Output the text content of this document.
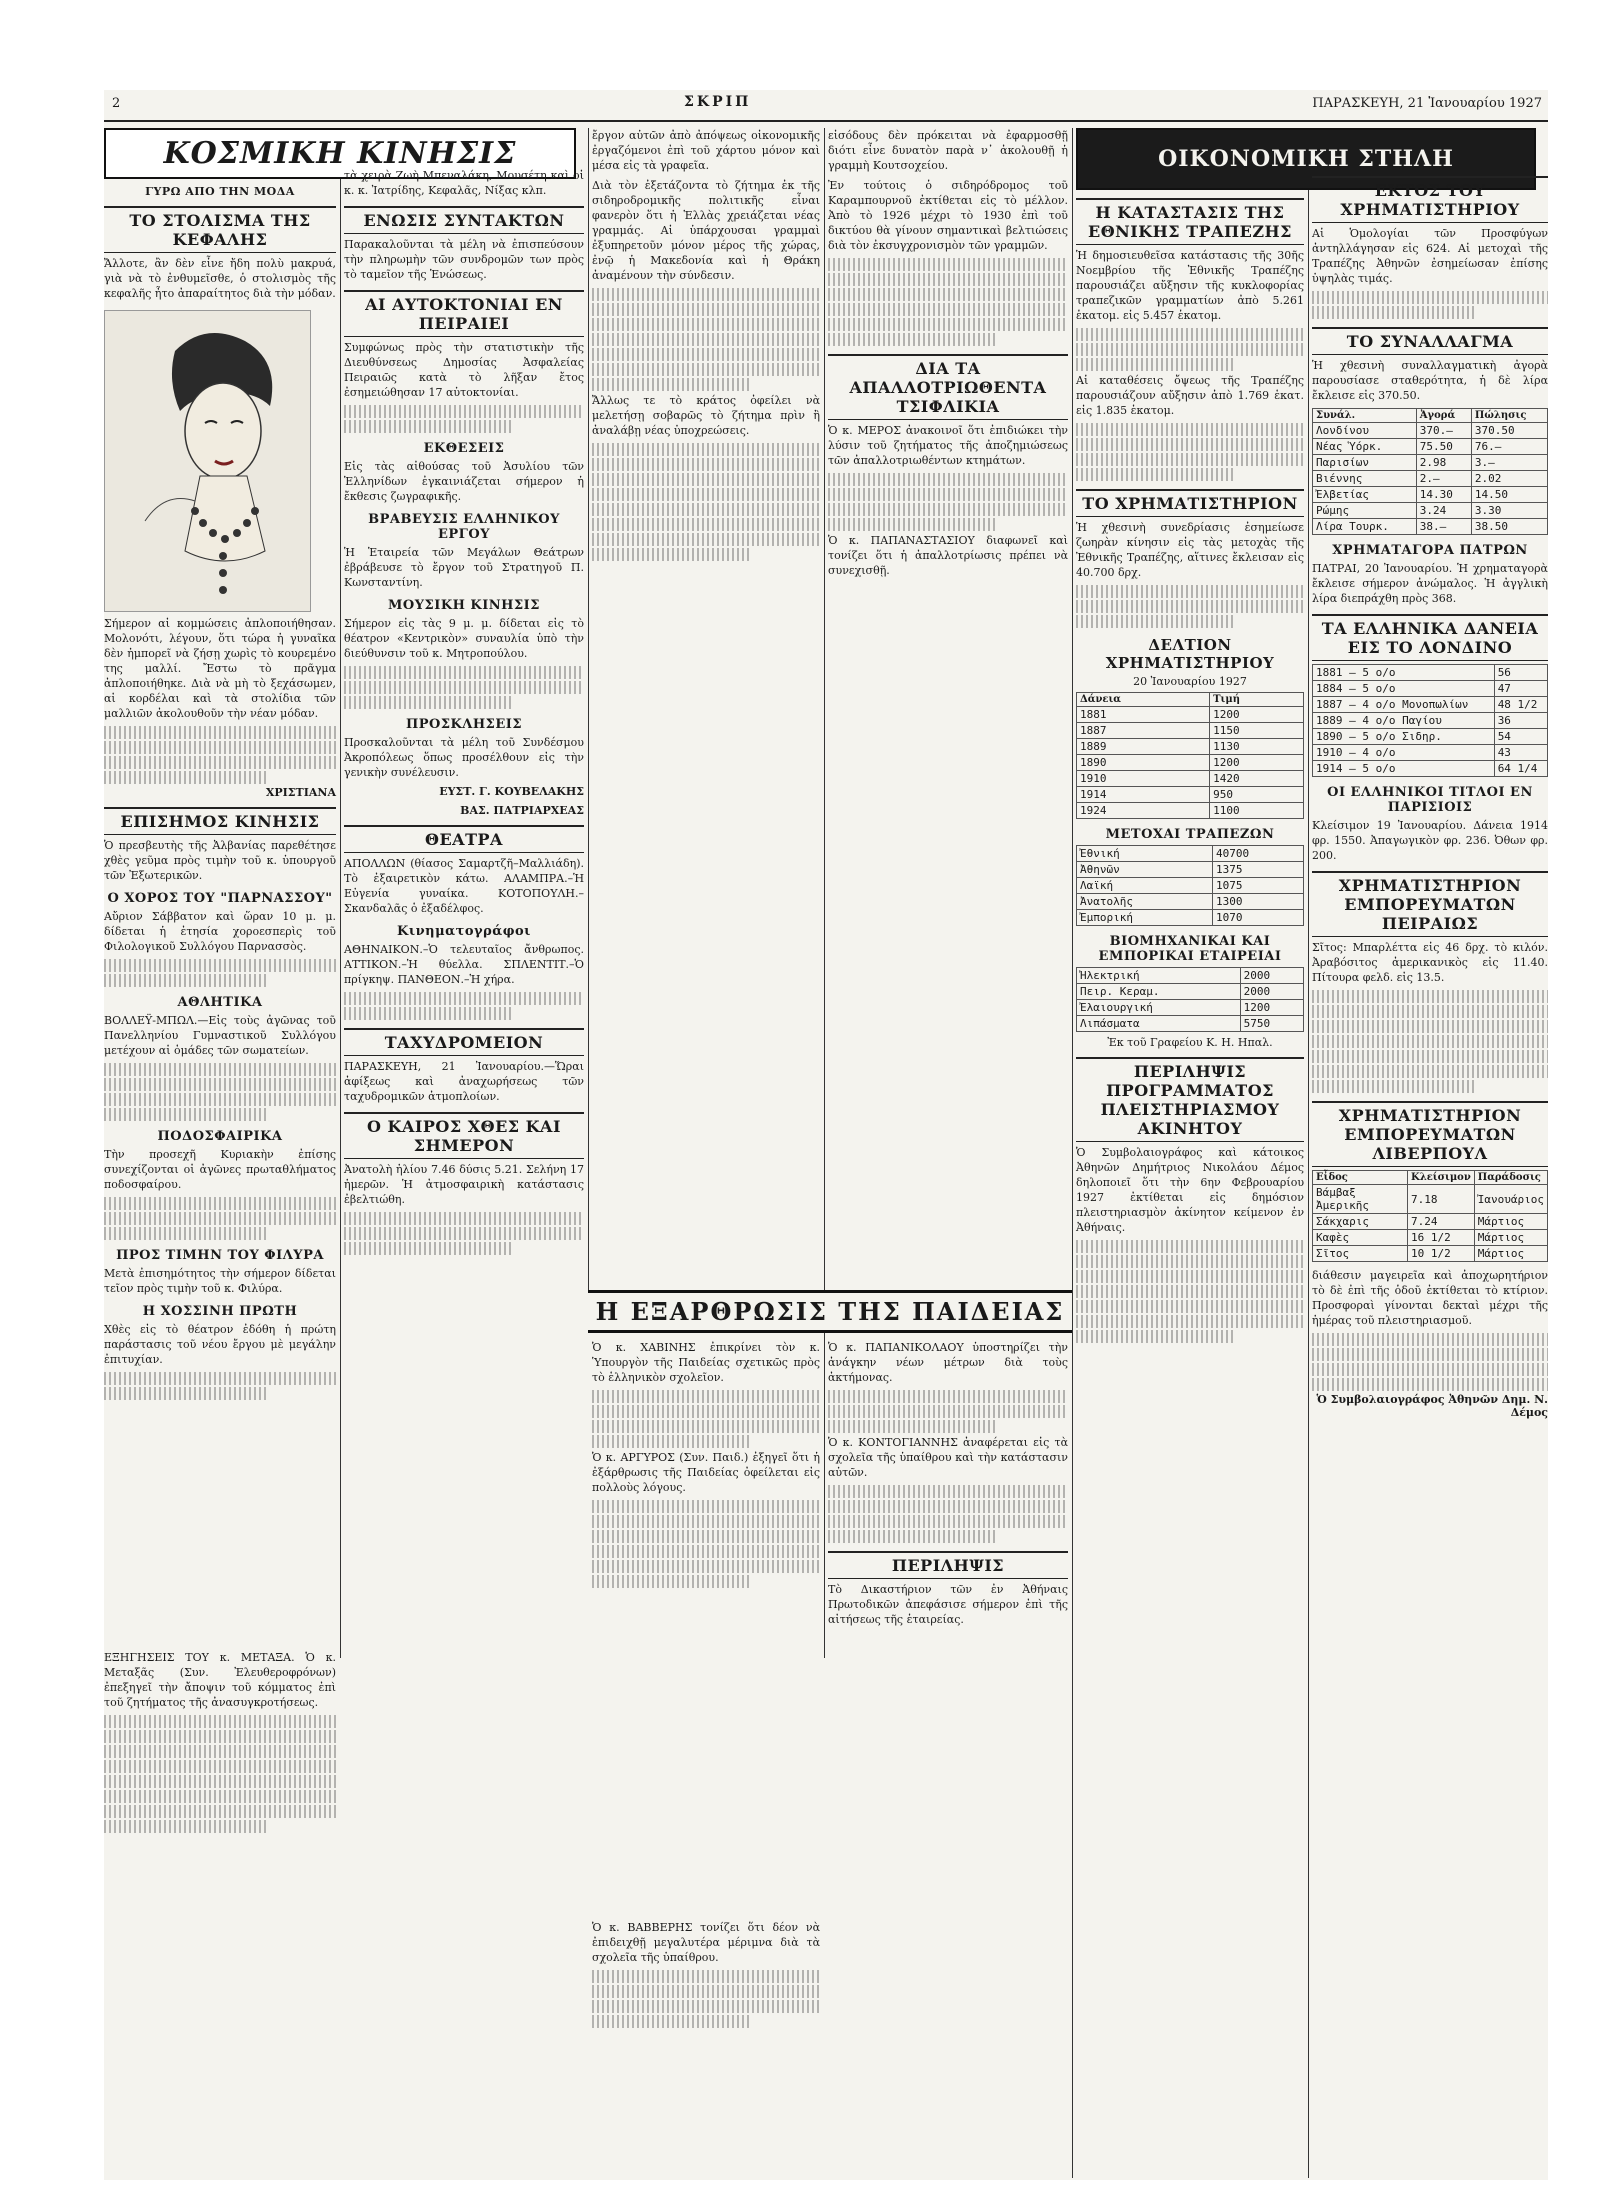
2	ΣΚΡΙΠ	ΠΑΡΑΣΚΕΥΗ, 21 Ἰανουαρίου 1927
ΚΟΣΜΙΚΗ ΚΙΝΗΣΙΣ
ΓΥΡΩ ΑΠΟ ΤΗΝ ΜΟΔΑ
ΤΟ ΣΤΟΛΙΣΜΑ ΤΗΣ ΚΕΦΑΛΗΣ

Ἄλλοτε, ἂν δὲν εἶνε ἤδη πολὺ μακρυά, γιὰ νὰ τὸ ἐνθυμεῖσθε, ὁ στολισμὸς τῆς κεφαλῆς ἦτο ἀπαραίτητος διὰ τὴν μόδαν.

Σήμερον αἱ κομμώσεις ἀπλοποιήθησαν. Μολονότι, λέγουν, ὅτι τώρα ἡ γυναῖκα δὲν ἠμπορεῖ νὰ ζήσῃ χωρὶς τὸ κουρεμένο της μαλλί. Ἔστω τὸ πρᾶγμα ἀπλοποιήθηκε. Διὰ νὰ μὴ τὸ ξεχάσωμεν, αἱ κορδέλαι καὶ τὰ στολίδια τῶν μαλλιῶν ἀκολουθοῦν τὴν νέαν μόδαν.

ΧΡΙΣΤΙΑΝΑ
ΕΠΙΣΗΜΟΣ ΚΙΝΗΣΙΣ

Ὁ πρεσβευτὴς τῆς Ἀλβανίας παρεθέτησε χθὲς γεῦμα πρὸς τιμὴν τοῦ κ. ὑπουργοῦ τῶν Ἐξωτερικῶν.

Ο ΧΟΡΟΣ ΤΟΥ "ΠΑΡΝΑΣΣΟΥ"

Αὔριον Σάββατον καὶ ὥραν 10 μ. μ. δίδεται ἡ ἐτησία χοροεσπερὶς τοῦ Φιλολογικοῦ Συλλόγου Παρνασσὸς.

ΑΘΛΗΤΙΚΑ

ΒΟΛΛΕΫ-ΜΠΩΛ.—Εἰς τοὺς ἀγῶνας τοῦ Πανελληνίου Γυμναστικοῦ Συλλόγου μετέχουν αἱ ὁμάδες τῶν σωματείων.

ΠΟΔΟΣΦΑΙΡΙΚΑ

Τὴν προσεχῆ Κυριακὴν ἐπίσης συνεχίζονται οἱ ἀγῶνες πρωταθλήματος ποδοσφαίρου.

ΠΡΟΣ ΤΙΜΗΝ ΤΟΥ ΦΙΛΥΡΑ

Μετὰ ἐπισημότητος τὴν σήμερον δίδεται τεῖον πρὸς τιμὴν τοῦ κ. Φιλύρα.

Η ΧΟΣΣΙΝΗ ΠΡΩΤΗ

Χθὲς εἰς τὸ θέατρον ἐδόθη ἡ πρώτη παράστασις τοῦ νέου ἔργου μὲ μεγάλην ἐπιτυχίαν.

τὰ χειρὰ Ζωὴ Μπεναλάκη, Μουσέτη καὶ οἱ κ. κ. Ἰατρίδης, Κεφαλᾶς, Νίξας κλπ.

ΕΝΩΣΙΣ ΣΥΝΤΑΚΤΩΝ

Παρακαλοῦνται τὰ μέλη νὰ ἐπισπεύσουν τὴν πληρωμὴν τῶν συνδρομῶν των πρὸς τὸ ταμεῖον τῆς Ἑνώσεως.

ΑΙ ΑΥΤΟΚΤΟΝΙΑΙ ΕΝ ΠΕΙΡΑΙΕΙ

Συμφώνως πρὸς τὴν στατιστικὴν τῆς Διευθύνσεως Δημοσίας Ἀσφαλείας Πειραιῶς κατὰ τὸ λῆξαν ἔτος ἐσημειώθησαν 17 αὐτοκτονίαι.

ΕΚΘΕΣΕΙΣ

Εἰς τὰς αἰθούσας τοῦ Ἀσυλίου τῶν Ἑλληνίδων ἐγκαινιάζεται σήμερον ἡ ἔκθεσις ζωγραφικῆς.

ΒΡΑΒΕΥΣΙΣ ΕΛΛΗΝΙΚΟΥ ΕΡΓΟΥ

Ἡ Ἑταιρεία τῶν Μεγάλων Θεάτρων ἐβράβευσε τὸ ἔργον τοῦ Στρατηγοῦ Π. Κωνσταντίνη.

ΜΟΥΣΙΚΗ ΚΙΝΗΣΙΣ

Σήμερον εἰς τὰς 9 μ. μ. δίδεται εἰς τὸ θέατρον «Κεντρικὸν» συναυλία ὑπὸ τὴν διεύθυνσιν τοῦ κ. Μητροπούλου.

ΠΡΟΣΚΛΗΣΕΙΣ

Προσκαλοῦνται τὰ μέλη τοῦ Συνδέσμου Ἀκροπόλεως ὅπως προσέλθουν εἰς τὴν γενικὴν συνέλευσιν.

ΕΥΣΤ. Γ. ΚΟΥΒΕΛΑΚΗΣ
ΒΑΣ. ΠΑΤΡΙΑΡΧΕΑΣ
ΘΕΑΤΡΑ

ΑΠΟΛΛΩΝ (θίασος Σαμαρτζῆ–Μαλλιάδη). Τὸ ἐξαιρετικὸν κάτω. ΑΛΑΜΠΡΑ.–Ἡ Εὐγενία γυναίκα. ΚΟΤΟΠΟΥΛΗ.–Σκανδαλᾶς ὁ ἐξαδέλφος.

Κινηματογράφοι

ΑΘΗΝΑΙΚΟΝ.–Ὁ τελευταῖος ἄνθρωπος. ΑΤΤΙΚΟΝ.–Ἡ θύελλα. ΣΠΛΕΝΤΙΤ.–Ὁ πρίγκηψ. ΠΑΝΘΕΟΝ.–Ἡ χήρα.

ΤΑΧΥΔΡΟΜΕΙΟΝ

ΠΑΡΑΣΚΕΥΗ, 21 Ἰανουαρίου.—Ὥραι ἀφίξεως καὶ ἀναχωρήσεως τῶν ταχυδρομικῶν ἀτμοπλοίων.

Ο ΚΑΙΡΟΣ ΧΘΕΣ ΚΑΙ ΣΗΜΕΡΟΝ

Ἀνατολὴ ἡλίου 7.46 δύσις 5.21. Σελήνη 17 ἡμερῶν. Ἡ ἀτμοσφαιρικὴ κατάστασις ἐβελτιώθη.

ἔργον αὐτῶν ἀπὸ ἀπόψεως οἰκονομικῆς ἐργαζόμενοι ἐπὶ τοῦ χάρτου μόνον καὶ μέσα εἰς τὰ γραφεῖα.

Διὰ τὸν ἐξετάζοντα τὸ ζήτημα ἐκ τῆς σιδηροδρομικῆς πολιτικῆς εἶναι φανερὸν ὅτι ἡ Ἑλλὰς χρειάζεται νέας γραμμάς. Αἱ ὑπάρχουσαι γραμμαὶ ἐξυπηρετοῦν μόνον μέρος τῆς χώρας, ἐνῷ ἡ Μακεδονία καὶ ἡ Θράκη ἀναμένουν τὴν σύνδεσιν.

Ἄλλως τε τὸ κράτος ὀφείλει νὰ μελετήσῃ σοβαρῶς τὸ ζήτημα πρὶν ἢ ἀναλάβῃ νέας ὑποχρεώσεις.

εἰσόδους δὲν πρόκειται νὰ ἐφαρμοσθῇ διότι εἶνε δυνατὸν παρὰ ν᾽ ἀκολουθῇ ἡ γραμμὴ Κουτσοχείου.

Ἐν τούτοις ὁ σιδηρόδρομος τοῦ Καραμπουρνοῦ ἐκτίθεται εἰς τὸ μέλλον. Ἀπὸ τὸ 1926 μέχρι τὸ 1930 ἐπὶ τοῦ δικτύου θὰ γίνουν σημαντικαὶ βελτιώσεις διὰ τὸν ἐκσυγχρονισμὸν τῶν γραμμῶν.

ΔΙΑ ΤΑ ΑΠΑΛΛΟΤΡΙΩΘΕΝΤΑ ΤΣΙΦΛΙΚΙΑ

Ὁ κ. ΜΕΡΟΣ ἀνακοινοῖ ὅτι ἐπιδιώκει τὴν λύσιν τοῦ ζητήματος τῆς ἀποζημιώσεως τῶν ἀπαλλοτριωθέντων κτημάτων.

Ὁ κ. ΠΑΠΑΝΑΣΤΑΣΙΟΥ διαφωνεῖ καὶ τονίζει ὅτι ἡ ἀπαλλοτρίωσις πρέπει νὰ συνεχισθῇ.

Η ΕΞΑΡΘΡΩΣΙΣ ΤΗΣ ΠΑΙΔΕΙΑΣ

Ὁ κ. ΧΑΒΙΝΗΣ ἐπικρίνει τὸν κ. Ὑπουργὸν τῆς Παιδείας σχετικῶς πρὸς τὸ ἑλληνικὸν σχολεῖον.

Ὁ κ. ΑΡΓΥΡΟΣ (Συν. Παιδ.) ἐξηγεῖ ὅτι ἡ ἐξάρθρωσις τῆς Παιδείας ὀφείλεται εἰς πολλοὺς λόγους.

Ὁ κ. ΠΑΠΑΝΙΚΟΛΑΟΥ ὑποστηρίζει τὴν ἀνάγκην νέων μέτρων διὰ τοὺς ἀκτήμονας.

Ὁ κ. ΚΟΝΤΟΓΙΑΝΝΗΣ ἀναφέρεται εἰς τὰ σχολεῖα τῆς ὑπαίθρου καὶ τὴν κατάστασιν αὐτῶν.

ΠΕΡΙΛΗΨΙΣ

Τὸ Δικαστήριον τῶν ἐν Ἀθήναις Πρωτοδικῶν ἀπεφάσισε σήμερον ἐπὶ τῆς αἰτήσεως τῆς ἑταιρείας.

ΟΙΚΟΝΟΜΙΚΗ ΣΤΗΛΗ
Η ΚΑΤΑΣΤΑΣΙΣ ΤΗΣ ΕΘΝΙΚΗΣ ΤΡΑΠΕΖΗΣ

Ἡ δημοσιευθεῖσα κατάστασις τῆς 30ῆς Νοεμβρίου τῆς Ἐθνικῆς Τραπέζης παρουσιάζει αὔξησιν τῆς κυκλοφορίας τραπεζικῶν γραμματίων ἀπὸ 5.261 ἑκατομ. εἰς 5.457 ἑκατομ.

Αἱ καταθέσεις ὄψεως τῆς Τραπέζης παρουσιάζουν αὔξησιν ἀπὸ 1.769 ἑκατ. εἰς 1.835 ἑκατομ.

ΤΟ ΧΡΗΜΑΤΙΣΤΗΡΙΟΝ

Ἡ χθεσινὴ συνεδρίασις ἐσημείωσε ζωηρὰν κίνησιν εἰς τὰς μετοχὰς τῆς Ἐθνικῆς Τραπέζης, αἵτινες ἔκλεισαν εἰς 40.700 δρχ.

ΔΕΛΤΙΟΝ ΧΡΗΜΑΤΙΣΤΗΡΙΟΥ
20 Ἰανουαρίου 1927
Δάνεια	Τιμή
1881	1200
1887	1150
1889	1130
1890	1200
1910	1420
1914	950
1924	1100
ΜΕΤΟΧΑΙ ΤΡΑΠΕΖΩΝ
Ἐθνική	40700
Ἀθηνῶν	1375
Λαϊκή	1075
Ἀνατολῆς	1300
Ἐμπορική	1070
ΒΙΟΜΗΧΑΝΙΚΑΙ ΚΑΙ ΕΜΠΟΡΙΚΑΙ ΕΤΑΙΡΕΙΑΙ
Ἠλεκτρική	2000
Πειρ. Κεραμ.	2000
Ἐλαιουργική	1200
Λιπάσματα	5750
Ἐκ τοῦ Γραφείου Κ. Η. Ηπαλ.
ΠΕΡΙΛΗΨΙΣ ΠΡΟΓΡΑΜΜΑΤΟΣ ΠΛΕΙΣΤΗΡΙΑΣΜΟΥ ΑΚΙΝΗΤΟΥ

Ὁ Συμβολαιογράφος καὶ κάτοικος Ἀθηνῶν Δημήτριος Νικολάου Δέμος δηλοποιεῖ ὅτι τὴν 6ην Φεβρουαρίου 1927 ἐκτίθεται εἰς δημόσιον πλειστηριασμὸν ἀκίνητον κείμενον ἐν Ἀθήναις.

ΕΚΤΟΣ ΤΟΥ ΧΡΗΜΑΤΙΣΤΗΡΙΟΥ

Αἱ Ὁμολογίαι τῶν Προσφύγων ἀντηλλάγησαν εἰς 624. Αἱ μετοχαὶ τῆς Τραπέζης Ἀθηνῶν ἐσημείωσαν ἐπίσης ὑψηλὰς τιμάς.

ΤΟ ΣΥΝΑΛΛΑΓΜΑ

Ἡ χθεσινὴ συναλλαγματικὴ ἀγορὰ παρουσίασε σταθερότητα, ἡ δὲ λίρα ἔκλεισε εἰς 370.50.

Συνάλ.	Ἀγορά	Πώλησις
Λονδίνου	370.—	370.50
Νέας Ὑόρκ.	75.50	76.—
Παρισίων	2.98	3.—
Βιέννης	2.—	2.02
Ἐλβετίας	14.30	14.50
Ρώμης	3.24	3.30
Λίρα Τουρκ.	38.—	38.50
ΧΡΗΜΑΤΑΓΟΡΑ ΠΑΤΡΩΝ

ΠΑΤΡΑΙ, 20 Ἰανουαρίου. Ἡ χρηματαγορὰ ἔκλεισε σήμερον ἀνώμαλος. Ἡ ἀγγλικὴ λίρα διεπράχθη πρὸς 368.

ΤΑ ΕΛΛΗΝΙΚΑ ΔΑΝΕΙΑ ΕΙΣ ΤΟ ΛΟΝΔΙΝΟ
1881 — 5 ο/ο	56
1884 — 5 ο/ο	47
1887 — 4 ο/ο Μονοπωλίων	48 1/2
1889 — 4 ο/ο Παγίου	36
1890 — 5 ο/ο Σιδηρ.	54
1910 — 4 ο/ο	43
1914 — 5 ο/ο	64 1/4
ΟΙ ΕΛΛΗΝΙΚΟΙ ΤΙΤΛΟΙ ΕΝ ΠΑΡΙΣΙΟΙΣ

Κλείσιμον 19 Ἰανουαρίου. Δάνεια 1914 φρ. 1550. Ἀπαγωγικὸν φρ. 236. Ὀθων φρ. 200.

ΧΡΗΜΑΤΙΣΤΗΡΙΟΝ ΕΜΠΟΡΕΥΜΑΤΩΝ ΠΕΙΡΑΙΩΣ

Σῖτος: Μπαρλέττα εἰς 46 δρχ. τὸ κιλόν. Ἀραβόσιτος ἀμερικανικὸς εἰς 11.40. Πίτουρα φελδ. εἰς 13.5.

ΧΡΗΜΑΤΙΣΤΗΡΙΟΝ ΕΜΠΟΡΕΥΜΑΤΩΝ ΛΙΒΕΡΠΟΥΛ
Εἶδος	Κλείσιμον	Παράδοσις
Βάμβαξ Ἀμερικῆς	7.18	Ἰανουάριος
Σάκχαρις	7.24	Μάρτιος
Καφὲς	16 1/2	Μάρτιος
Σῖτος	10 1/2	Μάρτιος

διάθεσιν μαγειρεῖα καὶ ἀποχωρητήριον τὸ δὲ ἐπὶ τῆς ὁδοῦ ἐκτίθεται τὸ κτίριον. Προσφοραὶ γίνονται δεκταὶ μέχρι τῆς ἡμέρας τοῦ πλειστηριασμοῦ.

Ὁ Συμβολαιογράφος Ἀθηνῶν Δημ. Ν. Δέμος

ΕΞΗΓΗΣΕΙΣ ΤΟΥ κ. ΜΕΤΑΞΑ. Ὁ κ. Μεταξᾶς (Συν. Ἐλευθεροφρόνων) ἐπεξηγεῖ τὴν ἄποψιν τοῦ κόμματος ἐπὶ τοῦ ζητήματος τῆς ἀνασυγκροτήσεως.

Ὁ κ. ΒΑΒΒΕΡΗΣ τονίζει ὅτι δέον νὰ ἐπιδειχθῇ μεγαλυτέρα μέριμνα διὰ τὰ σχολεῖα τῆς ὑπαίθρου.
